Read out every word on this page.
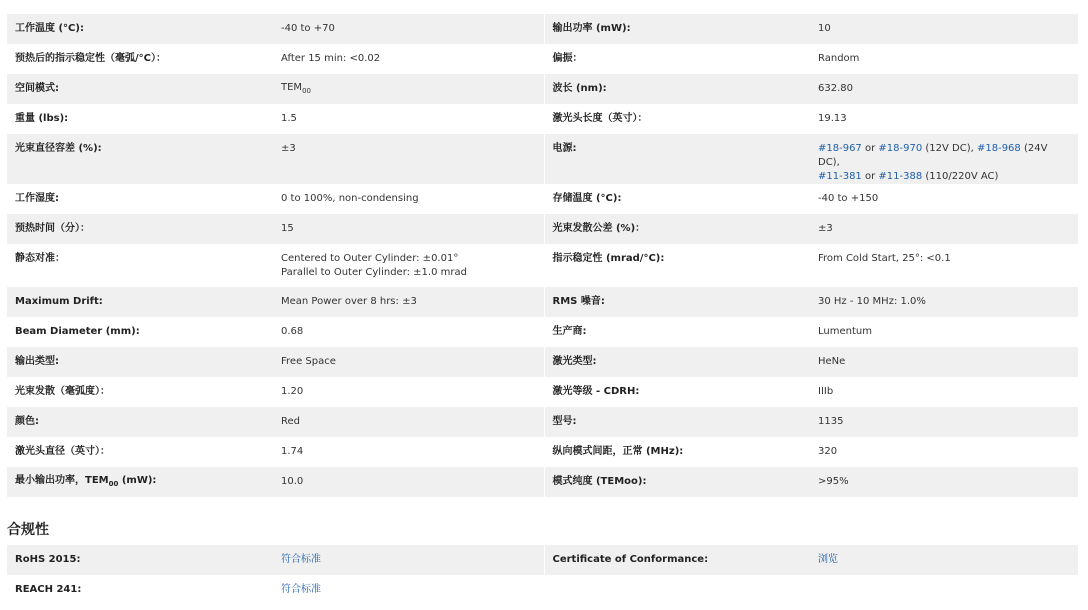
工作温度 (°C):	-40 to +70	输出功率 (mW):	10
预热后的指示稳定性（毫弧/°C）：	After 15 min: <0.02	偏振：	Random
空间模式:	$TEM_{00}$	波长 (nm):	632.80
重量 (lbs):	1.5	激光头长度（英寸）：	19.13
光束直径容差 (%):	±3	电源:	#18-967 or #18-970 (12V DC), #18-968 (24V DC),
#11-381 or #11-388 (110/220V AC)
工作湿度:	0 to 100%, non-condensing	存储温度 (°C):	-40 to +150
预热时间（分）：	15	光束发散公差 (%)：	±3
静态对准：	Centered to Outer Cylinder: ±0.01°
Parallel to Outer Cylinder: ±1.0 mrad	指示稳定性 (mrad/°C):	From Cold Start, 25°: <0.1
Maximum Drift:	Mean Power over 8 hrs: ±3	RMS 噪音:	30 Hz - 10 MHz: 1.0%
Beam Diameter (mm):	0.68	生产商:	Lumentum
输出类型:	Free Space	激光类型:	HeNe
光束发散（毫弧度）：	1.20	激光等级 - CDRH:	IIIb
颜色:	Red	型号:	1135
激光头直径（英寸）：	1.74	纵向模式间距，正常 (MHz):	320
最小输出功率，$TEM_{00}$ (mW):	10.0	模式纯度 (TEMoo):	>95%
合规性
RoHS 2015:	符合标准	Certificate of Conformance:	浏览
REACH 241:	符合标准		
